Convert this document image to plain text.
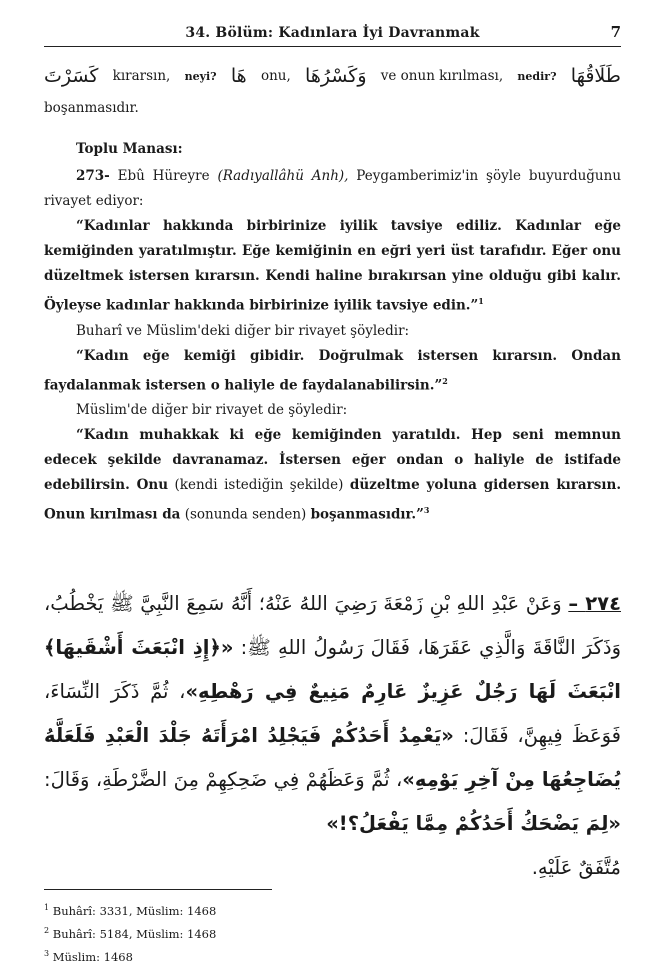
34. Bölüm: Kadınlara İyi Davranmak	7
كَسَرْتَ kırarsın, neyi? هَا onu, وَكَسْرُهَا ve onun kırılması, nedir? طَلَاقُهَا

boşanmasıdır.

Toplu Manası:

273- Ebû Hüreyre (Radıyallâhü Anh), Peygamberimiz'in şöyle buyurduğunu rivayet ediyor:

“Kadınlar hakkında birbirinize iyilik tavsiye ediliz. Kadınlar eğe kemiğinden yaratılmıştır. Eğe kemiğinin en eğri yeri üst tarafıdır. Eğer onu düzeltmek istersen kırarsın. Kendi haline bırakırsan yine olduğu gibi kalır. Öyleyse kadınlar hakkında birbirinize iyilik tavsiye edin.”$^1$

Buharî ve Müslim'deki diğer bir rivayet şöyledir:

“Kadın eğe kemiği gibidir. Doğrulmak istersen kırarsın. Ondan faydalanmak istersen o haliyle de faydalanabilirsin.”$^2$

Müslim'de diğer bir rivayet de şöyledir:

“Kadın muhakkak ki eğe kemiğinden yaratıldı. Hep seni memnun edecek şekilde davranamaz. İstersen eğer ondan o haliyle de istifade edebilirsin. Onu (kendi istediğin şekilde) düzeltme yoluna gidersen kırarsın. Onun kırılması da (sonunda senden) boşanmasıdır.”$^3$

٢٧٤ – وَعَنْ عَبْدِ اللهِ بْنِ زَمْعَةَ رَضِيَ اللهُ عَنْهُ؛ أَنَّهُ سَمِعَ النَّبِيَّ ﷺ يَخْطُبُ، وَذَكَرَ النَّاقَةَ وَالَّذِي عَقَرَهَا، فَقَالَ رَسُولُ اللهِ ﷺ: «﴿إِذِ انْبَعَثَ أَشْقَيهَا﴾ انْبَعَثَ لَهَا رَجُلٌ عَزِيزٌ عَارِمٌ مَنِيعٌ فِي رَهْطِهِ»، ثُمَّ ذَكَرَ النِّسَاءَ، فَوَعَظَ فِيهِنَّ، فَقَالَ: «يَعْمِدُ أَحَدُكُمْ فَيَجْلِدُ امْرَأَتَهُ جَلْدَ الْعَبْدِ فَلَعَلَّهُ يُضَاجِعُهَا مِنْ آخِرِ يَوْمِهِ»، ثُمَّ وَعَظَهُمْ فِي ضَحِكِهِمْ مِنَ الضَّرْطَةِ، وَقَالَ: «لِمَ يَضْحَكُ أَحَدُكُمْ مِمَّا يَفْعَلُ؟!»
مُتَّفَقٌ عَلَيْهِ.
$^1$ Buhârî: 3331, Müslim: 1468
$^2$ Buhârî: 5184, Müslim: 1468
$^3$ Müslim: 1468
